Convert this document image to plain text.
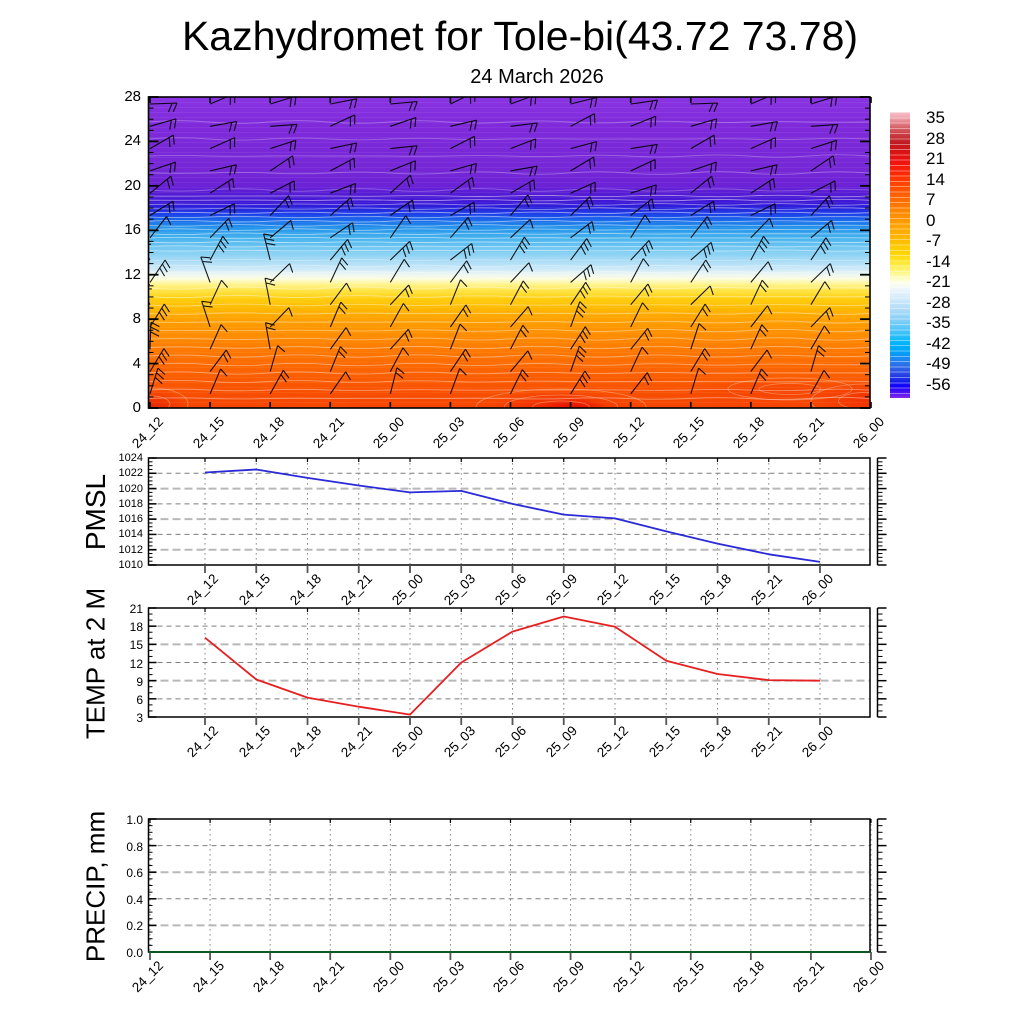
Kazhydromet for Tole-bi(43.72 73.78)
24 March 2026
PMSL
TEMP at 2 M
PRECIP, mm
28
24
20
16
12
8
4
0
24_12 24_15 24_18 24_21 25_00 25_03 25_06 25_09 25_12 25_15 25_18 25_21 26_00
35
28
21
14
7
0
-7
-14
-21
-28
-35
-42
-49
-56
1024
1022
1020
1018
1016
1014
1012
1010
24_12 24_15 24_18 24_21 25_00 25_03 25_06 25_09 25_12 25_15 25_18 25_21 26_00
21
18
15
12
9
6
3
24_12 24_15 24_18 24_21 25_00 25_03 25_06 25_09 25_12 25_15 25_18 25_21 26_00
1.0
0.8
0.6
0.4
0.2
0.0
24_12 24_15 24_18 24_21 25_00 25_03 25_06 25_09 25_12 25_15 25_18 25_21 26_00
